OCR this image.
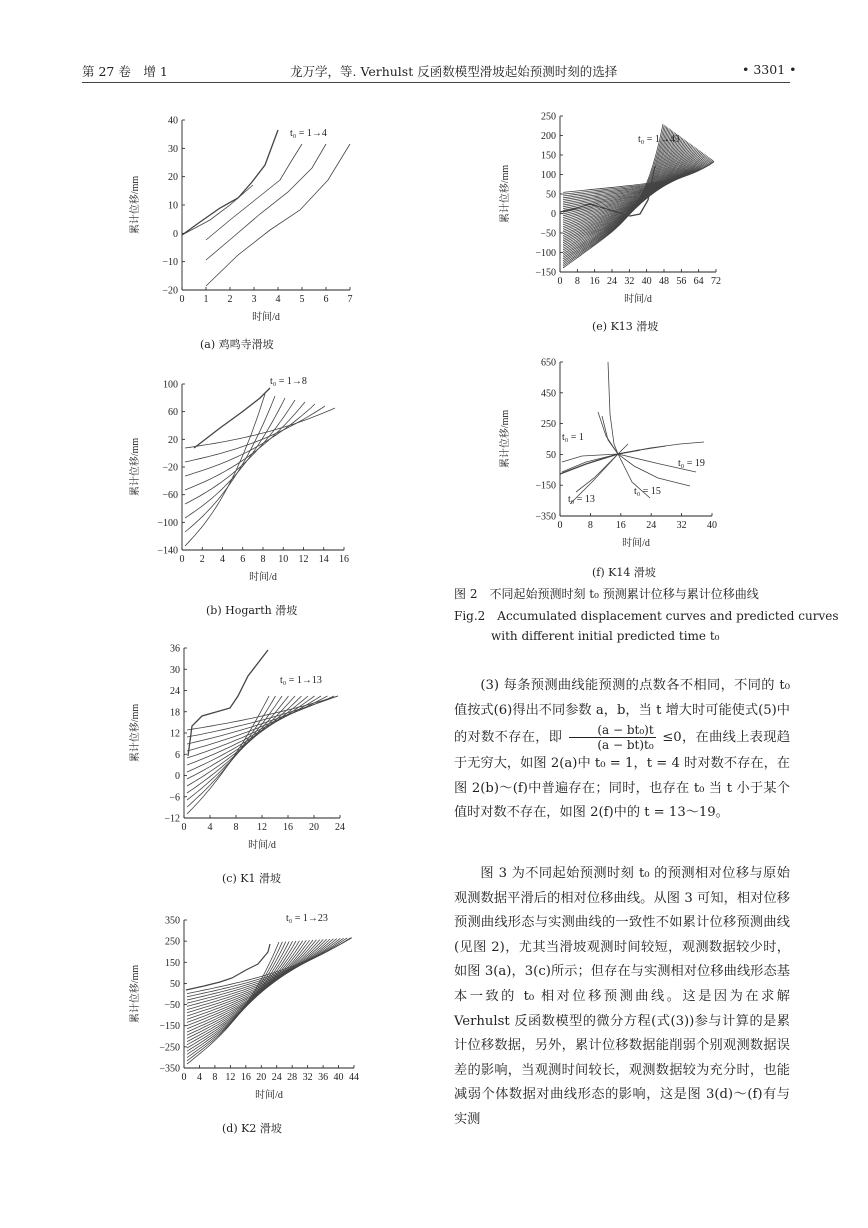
第 27 卷　增 1	龙万学，等. Verhulst 反函数模型滑坡起始预测时刻的选择	• 3301 •
40
30
20
10
0
−10
−20
0 1 2 3 4 5 6 7
累计位移/mm
时间/d
t₀ = 1→4
(a) 鸡鸣寺滑坡
100
60
20
−20
−60
−100
−140
0 2 4 6 8 10 12 14 16
累计位移/mm
时间/d
t₀ = 1→8
(b) Hogarth 滑坡
36
30
24
18
12
6
0
−6
−12
0 4 8 12 16 20 24
累计位移/mm
时间/d
t₀ = 1→13
(c) K1 滑坡
350
250
150
50
−50
−150
−250
−350
0 4 8 12 16 20 24 28 32 36 40 44
累计位移/mm
时间/d
t₀ = 1→23
(d) K2 滑坡
250
200
150
100
50
0
−50
−100
−150
0 8 16 24 32 40 48 56 64 72
累计位移/mm
时间/d
t₀ = 1→43
(e) K13 滑坡
650
450
250
50
−150
−350
0	8 16 24 32 40
累计位移/mm
时间/d
t₀ = 1
t₀ = 19
t₀ = 15
t₀ = 13
(f) K14 滑坡
图 2　不同起始预测时刻 t₀ 预测累计位移与累计位移曲线
Fig.2　Accumulated displacement curves and predicted curves
with different initial predicted time t₀

(3) 每条预测曲线能预测的点数各不相同，不同的 t₀ 值按式(6)得出不同参数 a，b，当 t 增大时可能使式(5)中的对数不存在，即 $\frac{\text{(a − bt₀)t}}{\text{(a − bt)t₀}} \le 0$，在曲线上表现趋于无穷大，如图 2(a)中 t₀ = 1，t = 4 时对数不存在，在图 2(b)～(f)中普遍存在；同时，也存在 t₀ 当 t 小于某个值时对数不存在，如图 2(f)中的 t = 13～19。

图 3 为不同起始预测时刻 t₀ 的预测相对位移与原始观测数据平滑后的相对位移曲线。从图 3 可知，相对位移预测曲线形态与实测曲线的一致性不如累计位移预测曲线(见图 2)，尤其当滑坡观测时间较短，观测数据较少时，如图 3(a)，3(c)所示；但存在与实测相对位移曲线形态基本一致的 t₀ 相对位移预测曲线。这是因为在求解 Verhulst 反函数模型的微分方程(式(3))参与计算的是累计位移数据，另外，累计位移数据能削弱个别观测数据误差的影响，当观测时间较长，观测数据较为充分时，也能减弱个体数据对曲线形态的影响，这是图 3(d)～(f)有与实测
